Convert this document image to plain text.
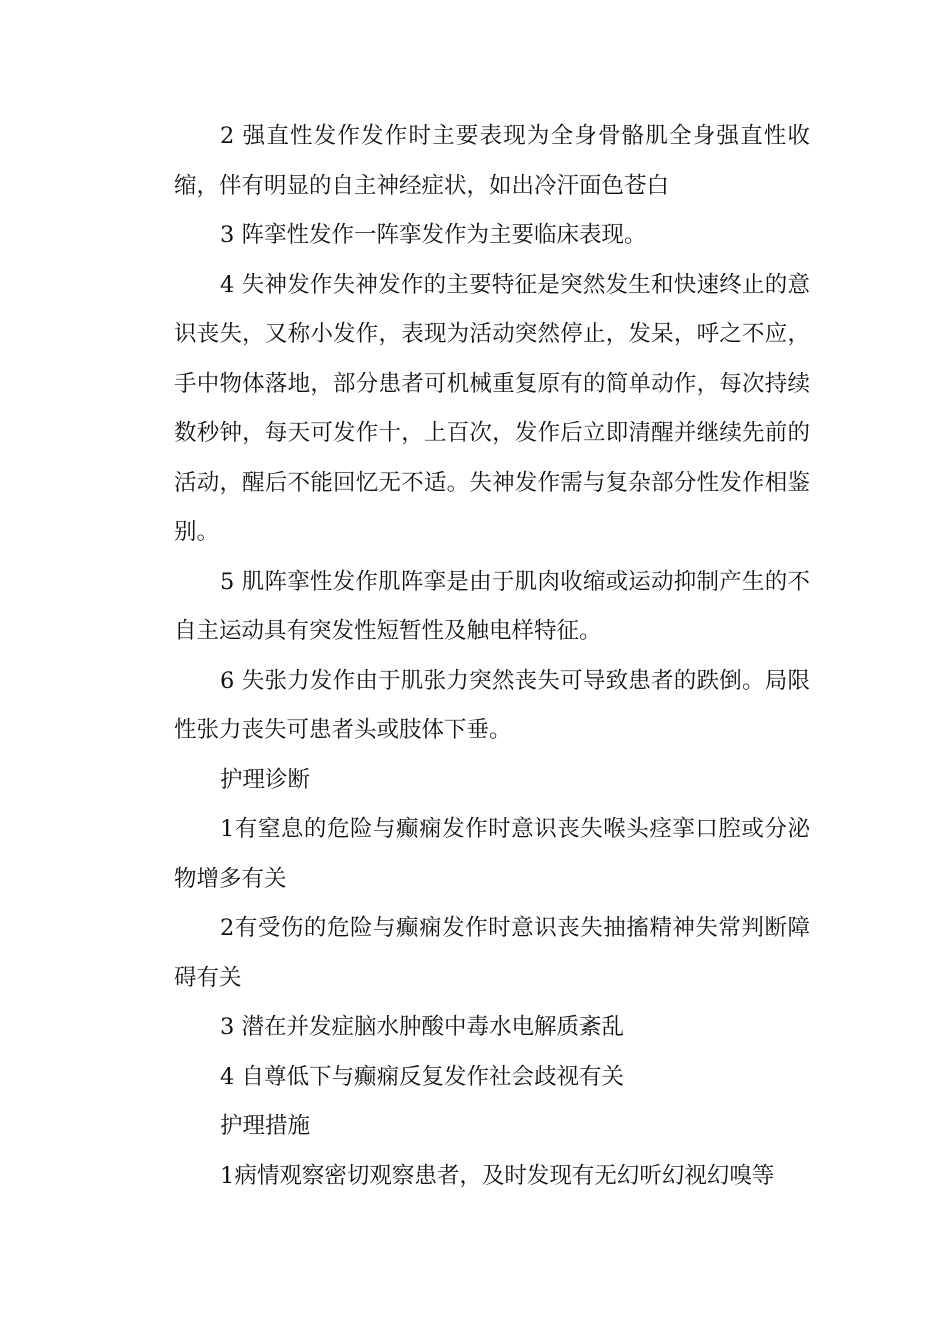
2 强直性发作发作时主要表现为全身骨骼肌全身强直性收缩，伴有明显的自主神经症状，如出冷汗面色苍白

3 阵挛性发作一阵挛发作为主要临床表现。

4 失神发作失神发作的主要特征是突然发生和快速终止的意识丧失，又称小发作，表现为活动突然停止，发呆，呼之不应，手中物体落地，部分患者可机械重复原有的简单动作，每次持续数秒钟，每天可发作十，上百次，发作后立即清醒并继续先前的活动，醒后不能回忆无不适。失神发作需与复杂部分性发作相鉴别。

5 肌阵挛性发作肌阵挛是由于肌肉收缩或运动抑制产生的不自主运动具有突发性短暂性及触电样特征。

6 失张力发作由于肌张力突然丧失可导致患者的跌倒。局限性张力丧失可患者头或肢体下垂。

护理诊断

1有窒息的危险与癫痫发作时意识丧失喉头痉挛口腔或分泌物增多有关

2有受伤的危险与癫痫发作时意识丧失抽搐精神失常判断障碍有关

3 潜在并发症脑水肿酸中毒水电解质紊乱

4 自尊低下与癫痫反复发作社会歧视有关

护理措施

1病情观察密切观察患者，及时发现有无幻听幻视幻嗅等
